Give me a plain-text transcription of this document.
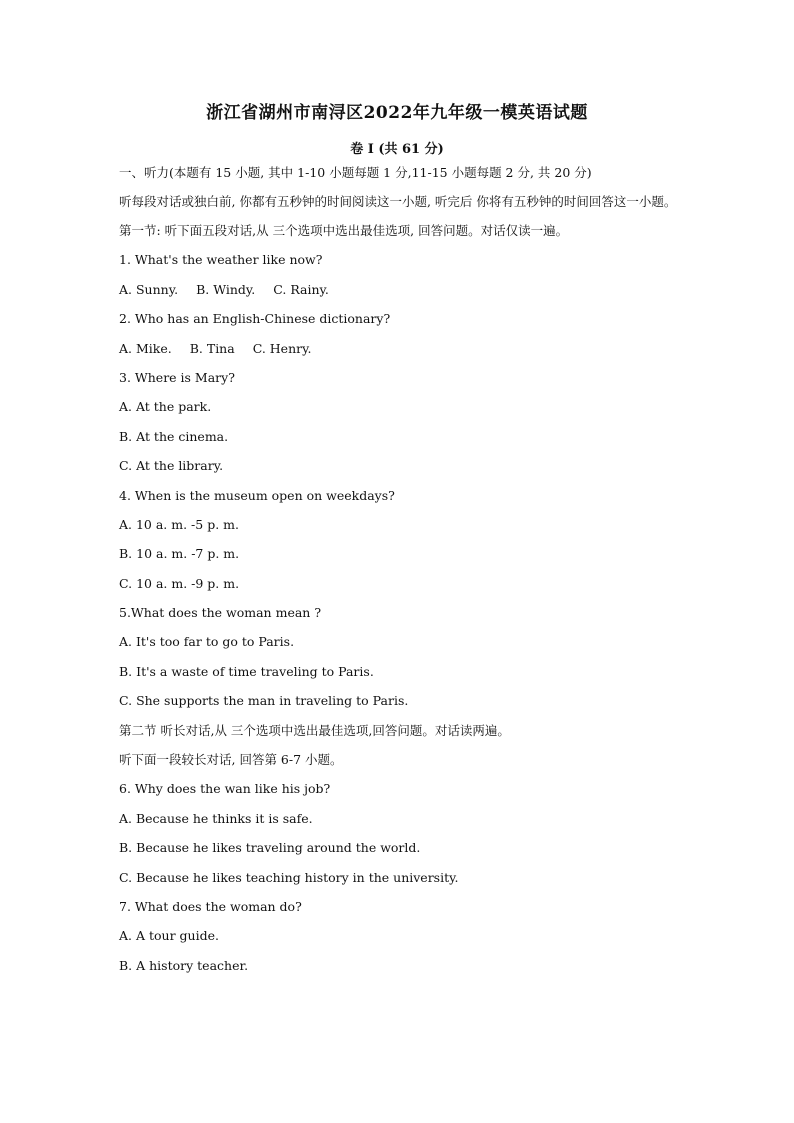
浙江省湖州市南浔区2022年九年级一模英语试题
卷 I (共 61 分)

一、听力(本题有 15 小题, 其中 1-10 小题每题 1 分,11-15 小题每题 2 分, 共 20 分)

听每段对话或独白前, 你都有五秒钟的时间阅读这一小题, 听完后 你将有五秒钟的时间回答这一小题。

第一节: 听下面五段对话,从 三个选项中选出最佳选项, 回答问题。对话仅读一遍。

1. What's the weather like now?

A. Sunny. B. Windy. C. Rainy.

2. Who has an English-Chinese dictionary?

A. Mike. B. Tina C. Henry.

3. Where is Mary?

A. At the park.

B. At the cinema.

C. At the library.

4. When is the museum open on weekdays?

A. 10 a. m. -5 p. m.

B. 10 a. m. -7 p. m.

C. 10 a. m. -9 p. m.

5.What does the woman mean ?

A. It's too far to go to Paris.

B. It's a waste of time traveling to Paris.

C. She supports the man in traveling to Paris.

第二节 听长对话,从 三个选项中选出最佳选项,回答问题。对话读两遍。

听下面一段较长对话, 回答第 6-7 小题。

6. Why does the wan like his job?

A. Because he thinks it is safe.

B. Because he likes traveling around the world.

C. Because he likes teaching history in the university.

7. What does the woman do?

A. A tour guide.

B. A history teacher.
